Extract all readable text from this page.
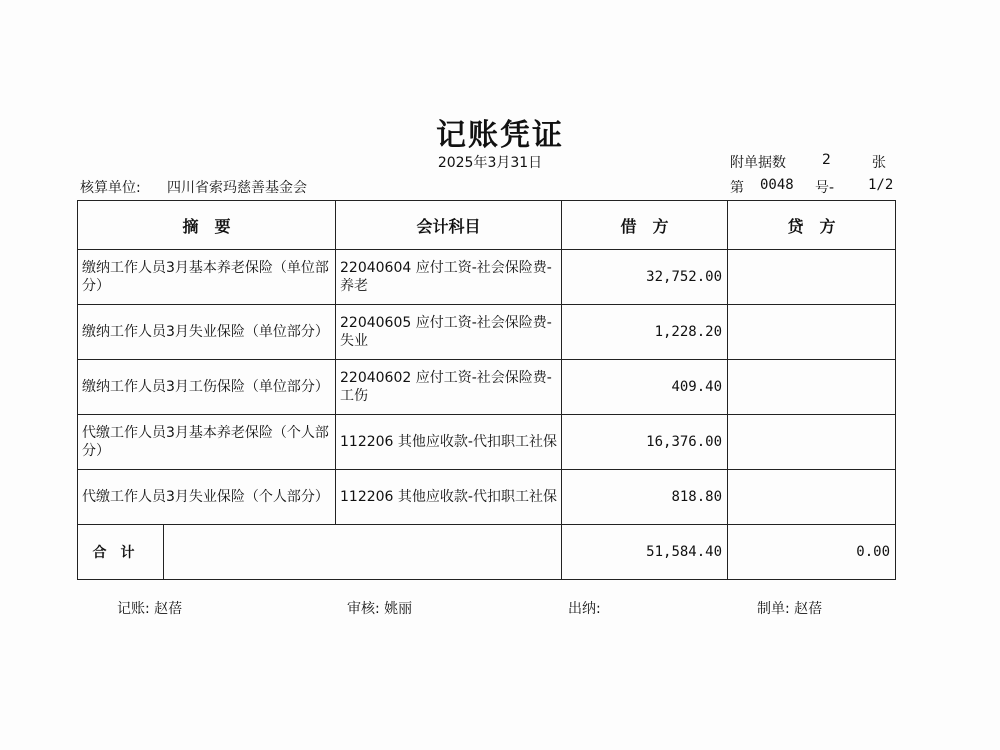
记账凭证
2025年3月31日	附单据数	2	张
核算单位: 四川省索玛慈善基金会	第 0048 号- 1/2
摘　要		会计科目	借　方	贷　方
缴纳工作人员3月基本养老保险（单位部分）		22040604 应付工资-社会保险费-养老	32,752.00	
缴纳工作人员3月失业保险（单位部分）		22040605 应付工资-社会保险费-失业	1,228.20	
缴纳工作人员3月工伤保险（单位部分）		22040602 应付工资-社会保险费-工伤	409.40	
代缴工作人员3月基本养老保险（个人部分）		112206 其他应收款-代扣职工社保	16,376.00	
代缴工作人员3月失业保险（个人部分）		112206 其他应收款-代扣职工社保	818.80	
合计			51,584.40	0.00
记账: 赵蓓	审核: 姚丽	出纳:	制单: 赵蓓
